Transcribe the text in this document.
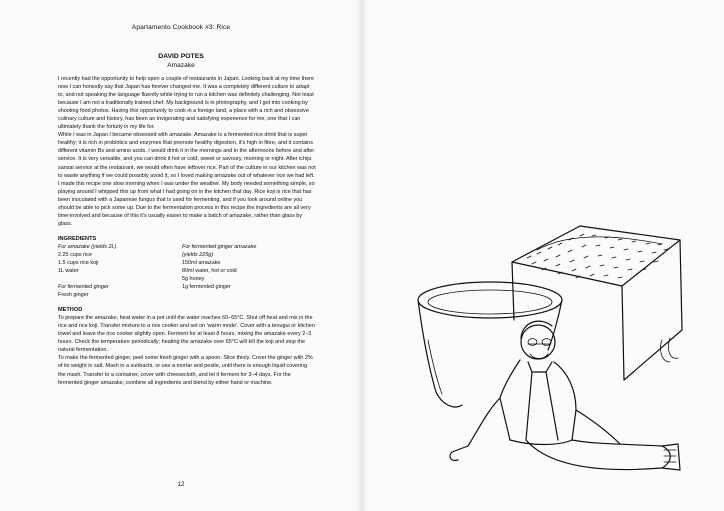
Apartamento Cookbook #3: Rice
DAVID POTES
Amazake

I recently had the opportunity to help open a couple of restaurants in Japan. Looking back at my time there now I can honestly say that Japan has forever changed me. It was a completely different culture to adapt to, and not speaking the language fluently while trying to run a kitchen was definitely challenging. Not least because I am not a traditionally trained chef. My background is in photography, and I got into cooking by shooting food photos. Having this opportunity to cook in a foreign land, a place with a rich and obsessive culinary culture and history, has been an invigorating and satisfying experience for me, one that I can ultimately thank the fortuity in my life for.

While I was in Japan I became obsessed with amazake. Amazake is a fermented rice drink that is super healthy; it is rich in probiotics and enzymes that promote healthy digestion, it's high in fibre, and it contains different vitamin Bs and amino acids. I would drink it in the mornings and in the afternoons before and after service. It is very versatile, and you can drink it hot or cold, sweet or savoury, morning or night. After ichiju sansai service at the restaurant, we would often have leftover rice. Part of the culture in our kitchen was not to waste anything if we could possibly avoid it, so I loved making amazake out of whatever rice we had left. I made this recipe one slow morning when I was under the weather. My body needed something simple, so playing around I whipped this up from what I had going on in the kitchen that day. Rice koji is rice that has been inoculated with a Japanese fungus that is used for fermenting, and if you look around online you should be able to pick some up. Due to the fermentation process in this recipe the ingredients are all very time-involved and because of this it's usually easier to make a batch of amazake, rather than glass by glass.

INGREDIENTS
For amazake (yields 2L)
2.25 cups rice
1.5 cups rice koji
1L water
For fermented ginger
Fresh ginger
For fermented ginger amazake
(yields 225g)
150ml amazake
80ml water, hot or cold
5g honey
1g fermented ginger
METHOD

To prepare the amazake, heat water in a pot until the water reaches 60–65°C. Shut off heat and mix in the rice and rice koji. Transfer mixture to a rice cooker and set on 'warm mode'. Cover with a tenugui or kitchen towel and leave the rice cooker slightly open. Ferment for at least 8 hours, mixing the amazake every 2–3 hours. Check the temperature periodically; heating the amazake over 65°C will kill the koji and stop the natural fermentation.

To make the fermented ginger, peel some fresh ginger with a spoon. Slice thinly. Cover the ginger with 2% of its weight in salt. Mash in a suribachi, or use a mortar and pestle, until there is enough liquid covering the mash. Transfer to a container, cover with cheesecloth, and let it ferment for 3–4 days. For the fermented ginger amazake, combine all ingredients and blend by either hand or machine.

12
